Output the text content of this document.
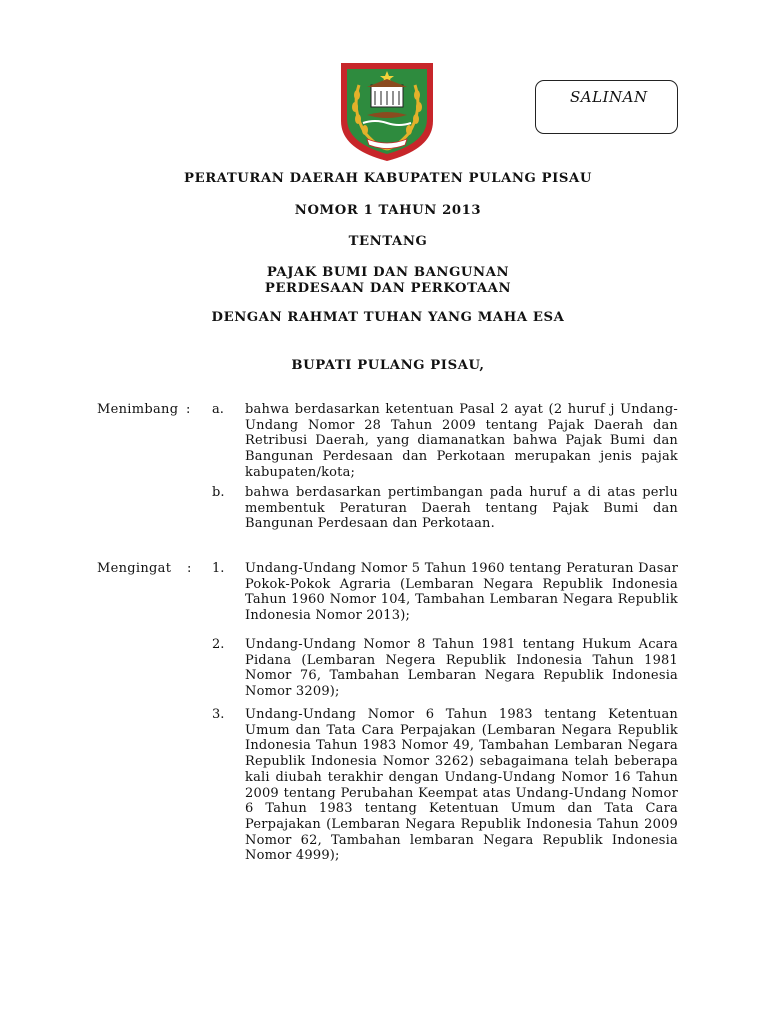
SALINAN
PERATURAN DAERAH KABUPATEN PULANG PISAU
NOMOR 1 TAHUN 2013
TENTANG
PAJAK BUMI DAN BANGUNAN
PERDESAAN DAN PERKOTAAN
DENGAN RAHMAT TUHAN YANG MAHA ESA
BUPATI PULANG PISAU,
Menimbang : a. bahwa berdasarkan ketentuan Pasal 2 ayat (2 huruf j Undang-Undang Nomor 28 Tahun 2009 tentang Pajak Daerah dan Retribusi Daerah, yang diamanatkan bahwa Pajak Bumi dan Bangunan Perdesaan dan Perkotaan merupakan jenis pajak kabupaten/kota;
b. bahwa berdasarkan pertimbangan pada huruf a di atas perlu membentuk Peraturan Daerah tentang Pajak Bumi dan Bangunan Perdesaan dan Perkotaan.
Mengingat : 1. Undang-Undang Nomor 5 Tahun 1960 tentang Peraturan Dasar Pokok-Pokok Agraria (Lembaran Negara Republik Indonesia Tahun 1960 Nomor 104, Tambahan Lembaran Negara Republik Indonesia Nomor 2013);
2. Undang-Undang Nomor 8 Tahun 1981 tentang Hukum Acara Pidana (Lembaran Negera Republik Indonesia Tahun 1981 Nomor 76, Tambahan Lembaran Negara Republik Indonesia Nomor 3209);
3. Undang-Undang Nomor 6 Tahun 1983 tentang Ketentuan Umum dan Tata Cara Perpajakan (Lembaran Negara Republik Indonesia Tahun 1983 Nomor 49, Tambahan Lembaran Negara Republik Indonesia Nomor 3262) sebagaimana telah beberapa kali diubah terakhir dengan Undang-Undang Nomor 16 Tahun 2009 tentang Perubahan Keempat atas Undang-Undang Nomor 6 Tahun 1983 tentang Ketentuan Umum dan Tata Cara Perpajakan (Lembaran Negara Republik Indonesia Tahun 2009 Nomor 62, Tambahan lembaran Negara Republik Indonesia Nomor 4999);
